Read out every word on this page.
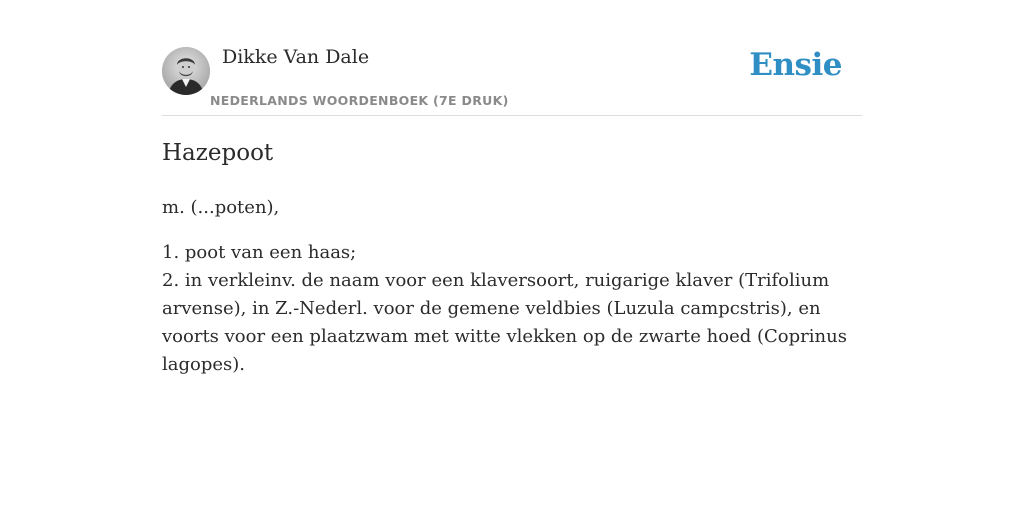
Dikke Van Dale
NEDERLANDS WOORDENBOEK (7E DRUK)
Ensie
Hazepoot

m. (...poten),

1. poot van een haas;
2. in verkleinv. de naam voor een klaversoort, ruigarige klaver (Trifolium arvense), in Z.-Nederl. voor de gemene veldbies (Luzula campcstris), en voorts voor een plaatzwam met witte vlekken op de zwarte hoed (Coprinus lagopes).
